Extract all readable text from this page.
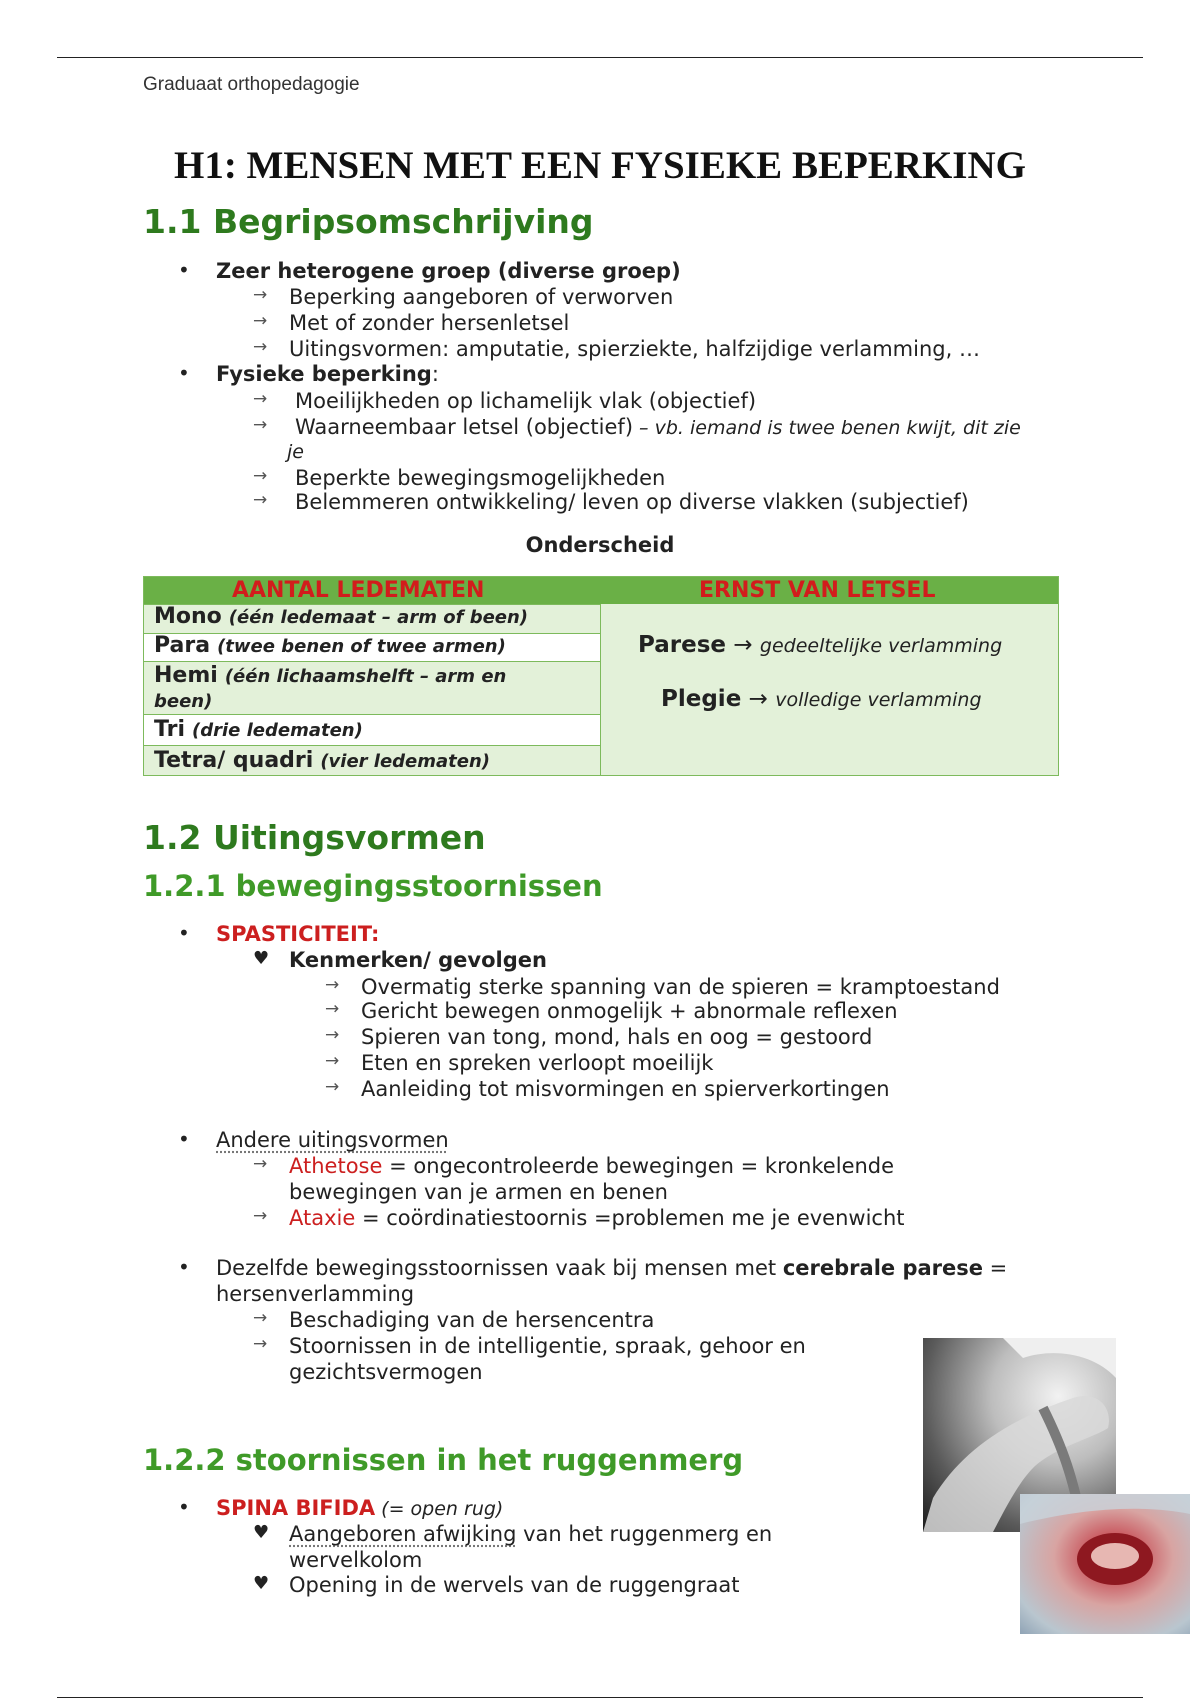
Graduaat orthopedagogie
H1: MENSEN MET EEN FYSIEKE BEPERKING
1.1 Begripsomschrijving
• Zeer heterogene groep (diverse groep)
→ Beperking aangeboren of verworven
→ Met of zonder hersenletsel
→ Uitingsvormen: amputatie, spierziekte, halfzijdige verlamming, …
• Fysieke beperking:
→ Moeilijkheden op lichamelijk vlak (objectief)
→ Waarneembaar letsel (objectief) – vb. iemand is twee benen kwijt, dit zie
je
→ Beperkte bewegingsmogelijkheden
→ Belemmeren ontwikkeling/ leven op diverse vlakken (subjectief)
Onderscheid
AANTAL LEDEMATEN	ERNST VAN LETSEL
Mono (één ledemaat – arm of been)
Para (twee benen of twee armen)
Hemi (één lichaamshelft – arm en
been)
Tri (drie ledematen)
Tetra/ quadri (vier ledematen)
Parese → gedeeltelijke verlamming
Plegie → volledige verlamming
1.2 Uitingsvormen
1.2.1 bewegingsstoornissen
• SPASTICITEIT:
♥ Kenmerken/ gevolgen
→ Overmatig sterke spanning van de spieren = kramptoestand
→ Gericht bewegen onmogelijk + abnormale reflexen
→ Spieren van tong, mond, hals en oog = gestoord
→ Eten en spreken verloopt moeilijk
→ Aanleiding tot misvormingen en spierverkortingen
• Andere uitingsvormen
→ Athetose = ongecontroleerde bewegingen = kronkelende
bewegingen van je armen en benen
→ Ataxie = coördinatiestoornis =problemen me je evenwicht
• Dezelfde bewegingsstoornissen vaak bij mensen met cerebrale parese =
hersenverlamming
→ Beschadiging van de hersencentra
→ Stoornissen in de intelligentie, spraak, gehoor en
gezichtsvermogen
1.2.2 stoornissen in het ruggenmerg
• SPINA BIFIDA (= open rug)
♥ Aangeboren afwijking van het ruggenmerg en
wervelkolom
♥ Opening in de wervels van de ruggengraat
